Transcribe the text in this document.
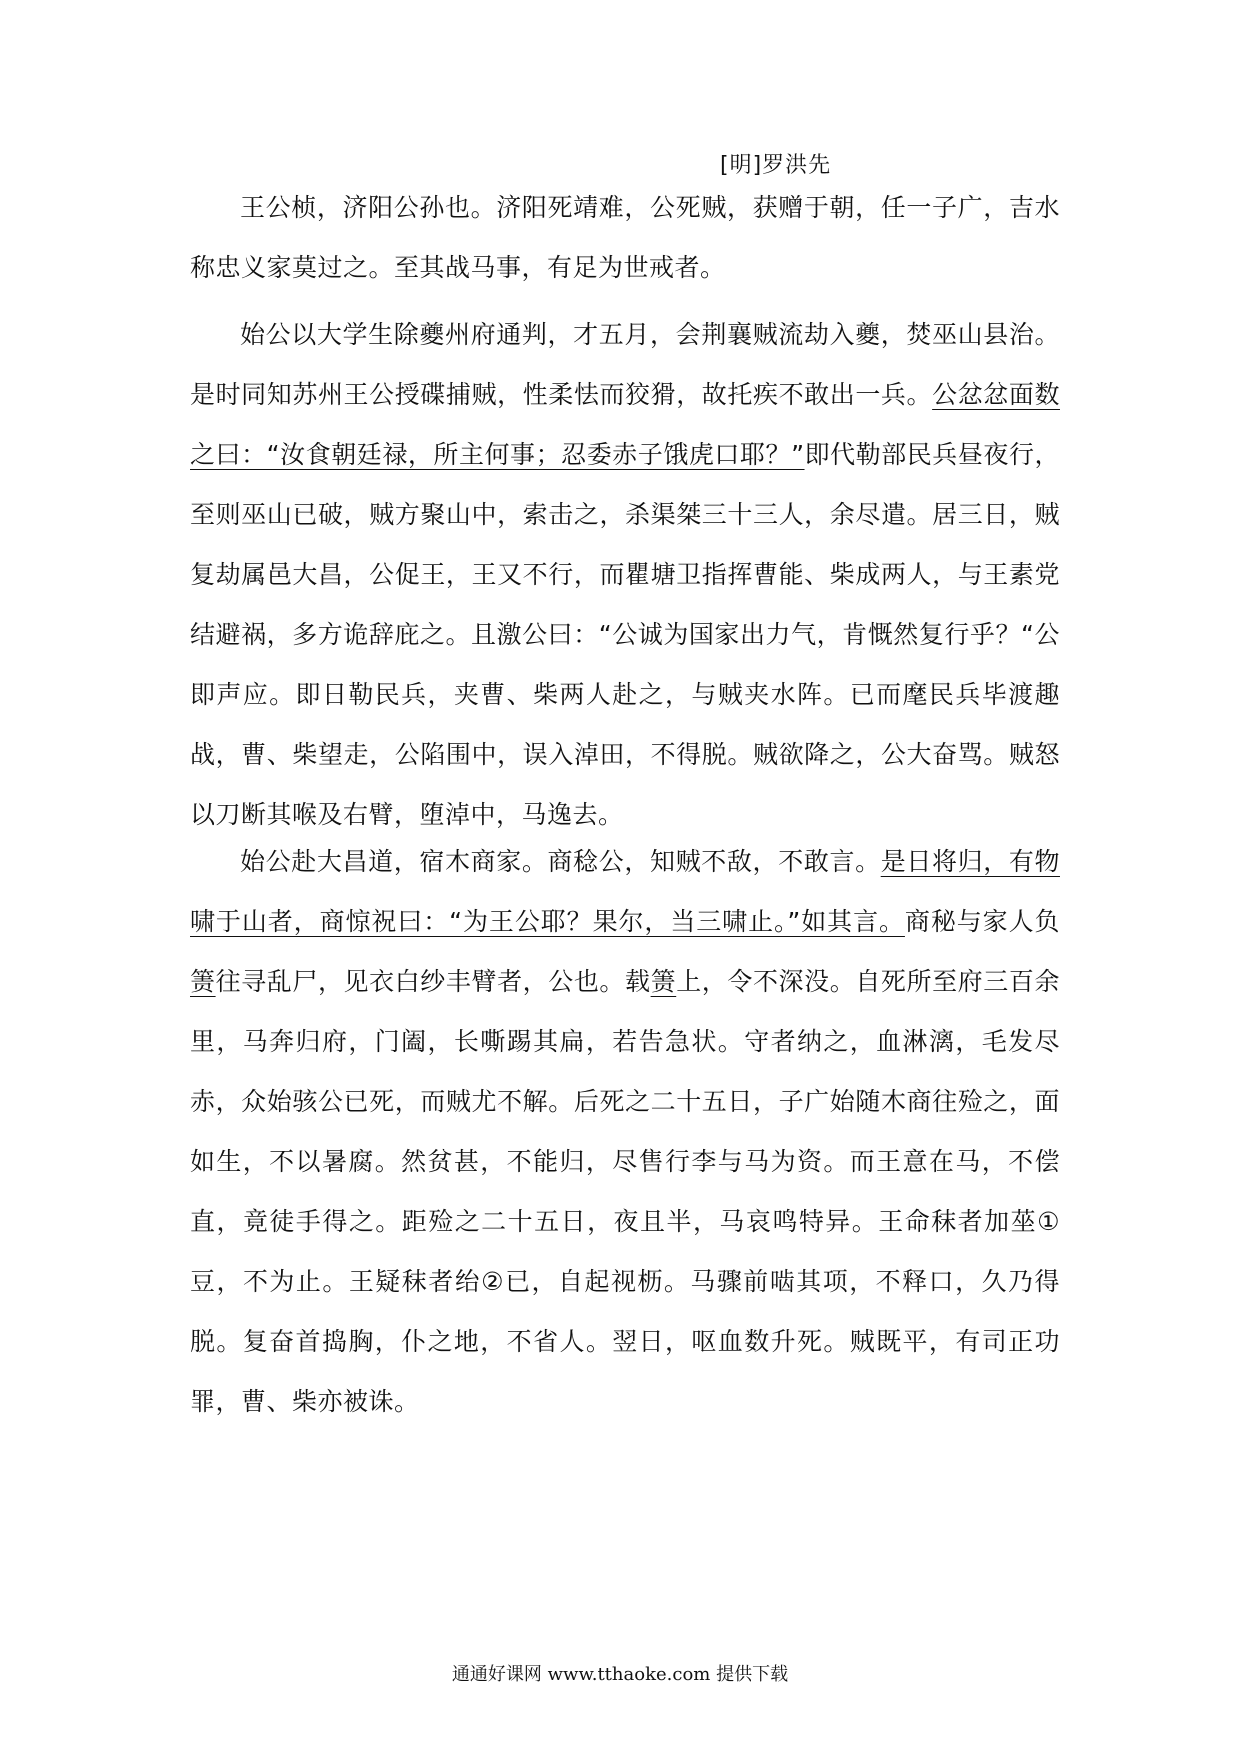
[明]罗洪先

王公桢，济阳公孙也。济阳死靖难，公死贼，获赠于朝，任一子广，吉水称忠义家莫过之。至其战马事，有足为世戒者。

始公以大学生除夔州府通判，才五月，会荆襄贼流劫入夔，焚巫山县治。是时同知苏州王公授碟捕贼，性柔怯而狡猾，故托疾不敢出一兵。公忿忿面数之曰：“汝食朝廷禄，所主何事；忍委赤子饿虎口耶？”即代勒部民兵昼夜行，至则巫山已破，贼方聚山中，索击之，杀渠桀三十三人，余尽遣。居三日，贼复劫属邑大昌，公促王，王又不行，而瞿塘卫指挥曹能、柴成两人，与王素党结避祸，多方诡辞庇之。且激公曰：“公诚为国家出力气，肯慨然复行乎？“公即声应。即日勒民兵，夹曹、柴两人赴之，与贼夹水阵。已而麾民兵毕渡趣战，曹、柴望走，公陷围中，误入淖田，不得脱。贼欲降之，公大奋骂。贼怒以刀断其喉及右臂，堕淖中，马逸去。

始公赴大昌道，宿木商家。商稔公，知贼不敌，不敢言。是日将归，有物啸于山者，商惊祝曰：“为王公耶？果尔，当三啸止。”如其言。商秘与家人负箦往寻乱尸，见衣白纱丰臂者，公也。载箦上，令不深没。自死所至府三百余里，马奔归府，门阖，长嘶踢其扁，若告急状。守者纳之，血淋漓，毛发尽赤，众始骇公已死，而贼尤不解。后死之二十五日，子广始随木商往殓之，面如生，不以暑腐。然贫甚，不能归，尽售行李与马为资。而王意在马，不偿直，竟徒手得之。距殓之二十五日，夜且半，马哀鸣特异。王命秣者加莝①豆，不为止。王疑秣者绐②已，自起视枥。马骤前啮其项，不释口，久乃得脱。复奋首捣胸，仆之地，不省人。翌日，呕血数升死。贼既平，有司正功罪，曹、柴亦被诛。

通通好课网 www.tthaoke.com 提供下载
